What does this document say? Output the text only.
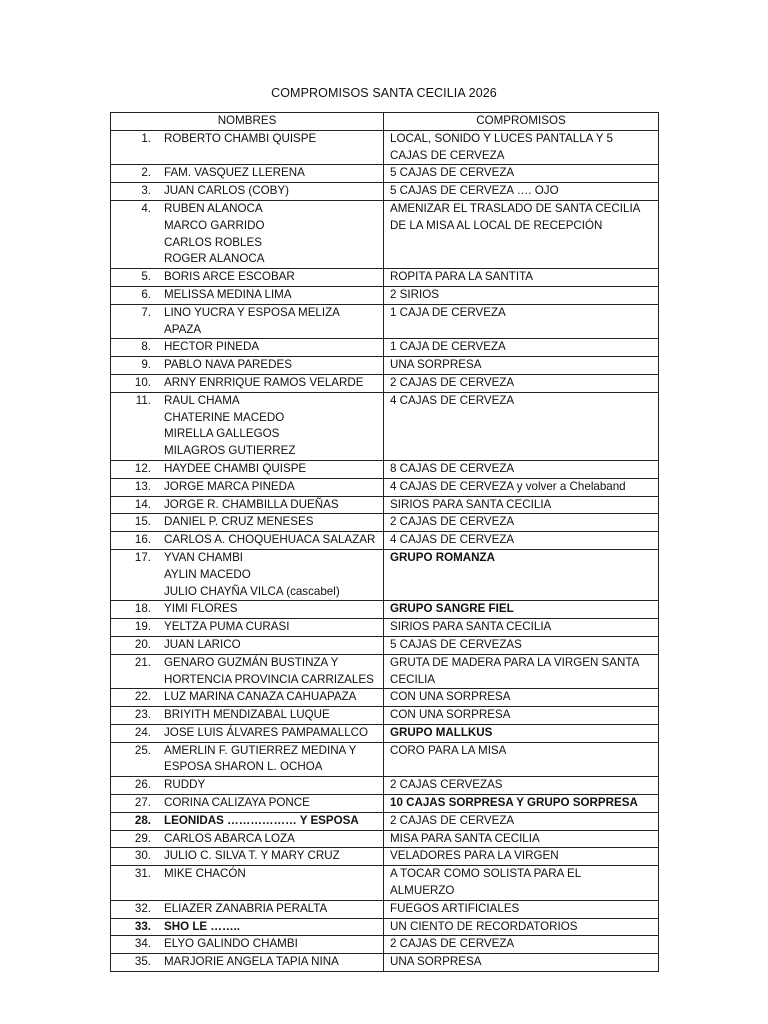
COMPROMISOS SANTA CECILIA 2026
NOMBRES	COMPROMISOS

1. ROBERTO CHAMBI QUISPE	LOCAL, SONIDO Y LUCES PANTALLA Y 5
CAJAS DE CERVEZA

2. FAM. VASQUEZ LLERENA	5 CAJAS DE CERVEZA

3. JUAN CARLOS (COBY)	5 CAJAS DE CERVEZA …. OJO

4. RUBEN ALANOCA
MARCO GARRIDO
CARLOS ROBLES
ROGER ALANOCA	AMENIZAR EL TRASLADO DE SANTA CECILIA
DE LA MISA AL LOCAL DE RECEPCIÓN

5. BORIS ARCE ESCOBAR	ROPITA PARA LA SANTITA

6. MELISSA MEDINA LIMA	2 SIRIOS

7. LINO YUCRA Y ESPOSA MELIZA
APAZA	1 CAJA DE CERVEZA

8. HECTOR PINEDA	1 CAJA DE CERVEZA

9. PABLO NAVA PAREDES	UNA SORPRESA

10. ARNY ENRRIQUE RAMOS VELARDE	2 CAJAS DE CERVEZA

11. RAUL CHAMA
CHATERINE MACEDO
MIRELLA GALLEGOS
MILAGROS GUTIERREZ	4 CAJAS DE CERVEZA

12. HAYDEE CHAMBI QUISPE	8 CAJAS DE CERVEZA

13. JORGE MARCA PINEDA	4 CAJAS DE CERVEZA y volver a Chelaband

14. JORGE R. CHAMBILLA DUEÑAS	SIRIOS PARA SANTA CECILIA

15. DANIEL P. CRUZ MENESES	2 CAJAS DE CERVEZA

16. CARLOS A. CHOQUEHUACA SALAZAR	4 CAJAS DE CERVEZA

17. YVAN CHAMBI
AYLIN MACEDO
JULIO CHAYÑA VILCA (cascabel)	GRUPO ROMANZA

18. YIMI FLORES	GRUPO SANGRE FIEL

19. YELTZA PUMA CURASI	SIRIOS PARA SANTA CECILIA

20. JUAN LARICO	5 CAJAS DE CERVEZAS

21. GENARO GUZMÁN BUSTINZA Y
HORTENCIA PROVINCIA CARRIZALES	GRUTA DE MADERA PARA LA VIRGEN SANTA
CECILIA

22. LUZ MARINA CANAZA CAHUAPAZA	CON UNA SORPRESA

23. BRIYITH MENDIZABAL LUQUE	CON UNA SORPRESA

24. JOSE LUIS ÁLVARES PAMPAMALLCO	GRUPO MALLKUS

25. AMERLIN F. GUTIERREZ MEDINA Y
ESPOSA SHARON L. OCHOA	CORO PARA LA MISA

26. RUDDY	2 CAJAS CERVEZAS

27. CORINA CALIZAYA PONCE	10 CAJAS SORPRESA Y GRUPO SORPRESA

28. LEONIDAS ……………… Y ESPOSA	2 CAJAS DE CERVEZA

29. CARLOS ABARCA LOZA	MISA PARA SANTA CECILIA

30. JULIO C. SILVA T. Y MARY CRUZ	VELADORES PARA LA VIRGEN

31. MIKE CHACÓN	A TOCAR COMO SOLISTA PARA EL
ALMUERZO

32. ELIAZER ZANABRIA PERALTA	FUEGOS ARTIFICIALES

33. SHO LE ……..	UN CIENTO DE RECORDATORIOS

34. ELYO GALINDO CHAMBI	2 CAJAS DE CERVEZA

35. MARJORIE ANGELA TAPIA NINA	UNA SORPRESA
